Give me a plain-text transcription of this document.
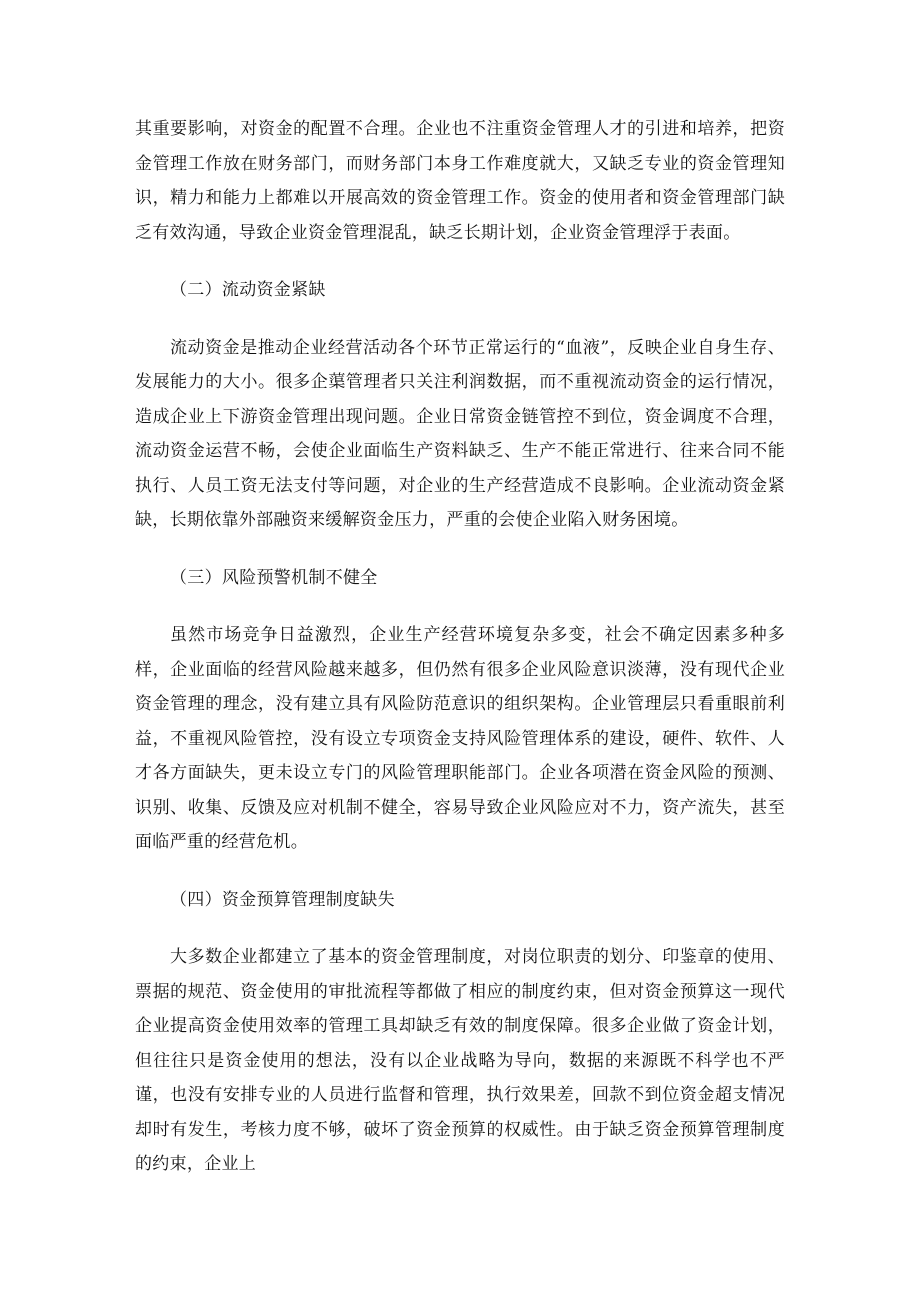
其重要影响，对资金的配置不合理。企业也不注重资金管理人才的引进和培养，把资金管理工作放在财务部门，而财务部门本身工作难度就大，又缺乏专业的资金管理知识，精力和能力上都难以开展高效的资金管理工作。资金的使用者和资金管理部门缺乏有效沟通，导致企业资金管理混乱，缺乏长期计划，企业资金管理浮于表面。

（二）流动资金紧缺

流动资金是推动企业经营活动各个环节正常运行的“血液”，反映企业自身生存、发展能力的大小。很多企蕖管理者只关注利润数据，而不重视流动资金的运行情况，造成企业上下游资金管理出现问题。企业日常资金链管控不到位，资金调度不合理，流动资金运营不畅，会使企业面临生产资料缺乏、生产不能正常进行、往来合同不能执行、人员工资无法支付等问题，对企业的生产经营造成不良影响。企业流动资金紧缺，长期依靠外部融资来缓解资金压力，严重的会使企业陷入财务困境。

（三）风险预警机制不健全

虽然市场竞争日益激烈，企业生产经营环境复杂多变，社会不确定因素多种多样，企业面临的经营风险越来越多，但仍然有很多企业风险意识淡薄，没有现代企业资金管理的理念，没有建立具有风险防范意识的组织架构。企业管理层只看重眼前利益，不重视风险管控，没有设立专项资金支持风险管理体系的建设，硬件、软件、人才各方面缺失，更未设立专门的风险管理职能部门。企业各项潜在资金风险的预测、识别、收集、反馈及应对机制不健全，容易导致企业风险应对不力，资产流失，甚至面临严重的经营危机。

（四）资金预算管理制度缺失

大多数企业都建立了基本的资金管理制度，对岗位职责的划分、印鉴章的使用、票据的规范、资金使用的审批流程等都做了相应的制度约束，但对资金预算这一现代企业提高资金使用效率的管理工具却缺乏有效的制度保障。很多企业做了资金计划，但往往只是资金使用的想法，没有以企业战略为导向，数据的来源既不科学也不严谨，也没有安排专业的人员进行监督和管理，执行效果差，回款不到位资金超支情况却时有发生，考核力度不够，破坏了资金预算的权威性。由于缺乏资金预算管理制度的约束，企业上
